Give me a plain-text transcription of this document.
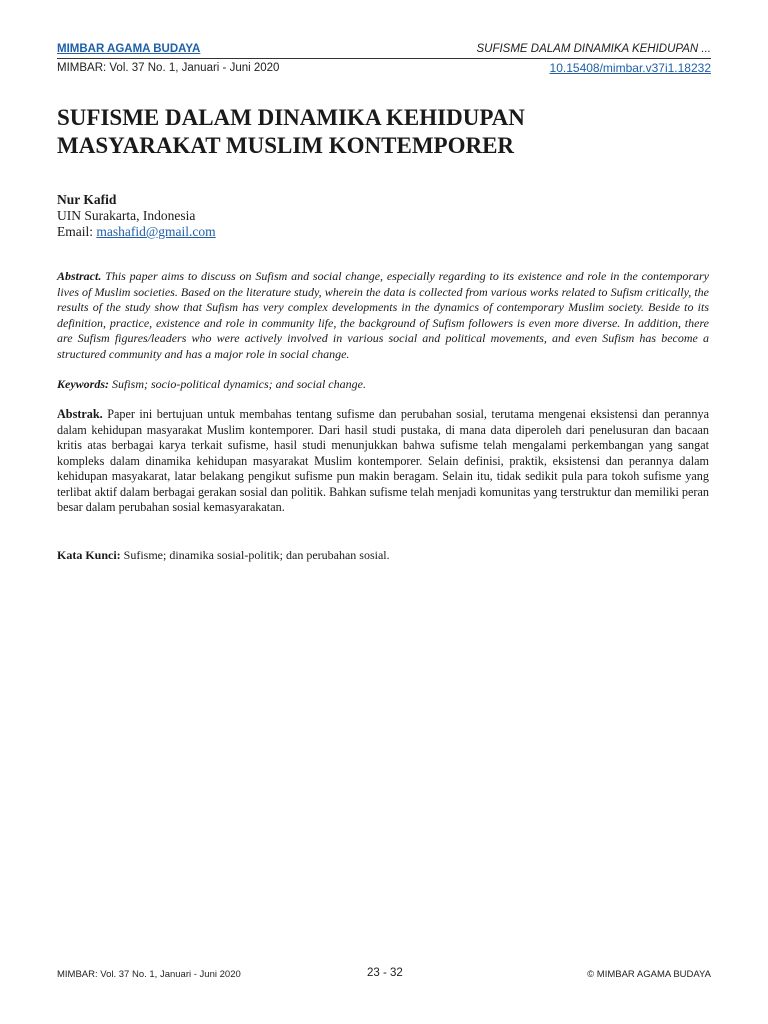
MIMBAR AGAMA BUDAYA	SUFISME DALAM DINAMIKA KEHIDUPAN ...
MIMBAR: Vol. 37 No. 1, Januari - Juni 2020	10.15408/mimbar.v37i1.18232
SUFISME DALAM DINAMIKA KEHIDUPAN
MASYARAKAT MUSLIM KONTEMPORER
Nur Kafid
UIN Surakarta, Indonesia
Email: mashafid@gmail.com

Abstract. This paper aims to discuss on Sufism and social change, especially regarding to its existence and role in the contemporary lives of Muslim societies. Based on the literature study, wherein the data is collected from various works related to Sufism critically, the results of the study show that Sufism has very complex developments in the dynamics of contemporary Muslim society. Beside to its definition, practice, existence and role in community life, the background of Sufism followers is even more diverse. In addition, there are Sufism figures/leaders who were actively involved in various social and political movements, and even Sufism has become a structured community and has a major role in social change.

Keywords: Sufism; socio-political dynamics; and social change.

Abstrak. Paper ini bertujuan untuk membahas tentang sufisme dan perubahan sosial, terutama mengenai eksistensi dan perannya dalam kehidupan masyarakat Muslim kontemporer. Dari hasil studi pustaka, di mana data diperoleh dari penelusuran dan bacaan kritis atas berbagai karya terkait sufisme, hasil studi menunjukkan bahwa sufisme telah mengalami perkembangan yang sangat kompleks dalam dinamika kehidupan masyarakat Muslim kontemporer. Selain definisi, praktik, eksistensi dan perannya dalam kehidupan masyakarat, latar belakang pengikut sufisme pun makin beragam. Selain itu, tidak sedikit pula para tokoh sufisme yang terlibat aktif dalam berbagai gerakan sosial dan politik. Bahkan sufisme telah menjadi komunitas yang terstruktur dan memiliki peran besar dalam perubahan sosial kemasyarakatan.

Kata Kunci: Sufisme; dinamika sosial-politik; dan perubahan sosial.

MIMBAR: Vol. 37 No. 1, Januari - Juni 2020	23 - 32	© MIMBAR AGAMA BUDAYA
